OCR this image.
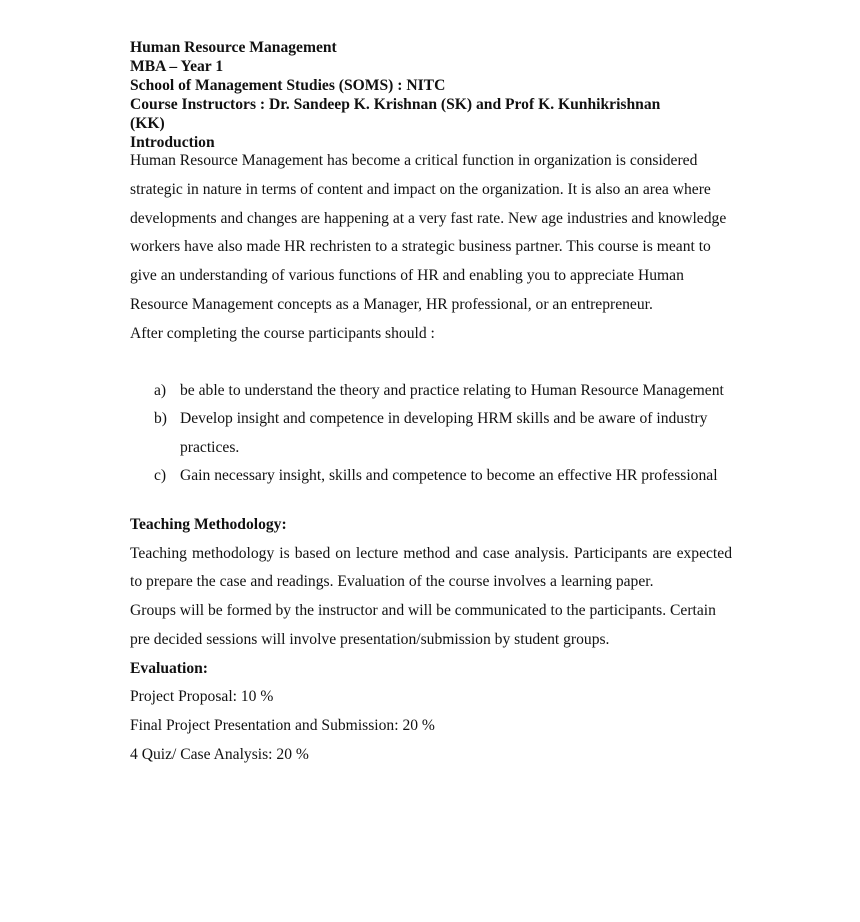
Human Resource Management

MBA – Year 1

School of Management Studies (SOMS) : NITC

Course Instructors : Dr. Sandeep K. Krishnan (SK) and Prof K. Kunhikrishnan

(KK)

Introduction

Human Resource Management has become a critical function in organization is considered strategic in nature in terms of content and impact on the organization. It is also an area where developments and changes are happening at a very fast rate. New age industries and knowledge workers have also made HR rechristen to a strategic business partner. This course is meant to give an understanding of various functions of HR and enabling you to appreciate Human Resource Management concepts as a Manager, HR professional, or an entrepreneur.

After completing the course participants should :

a) be able to understand the theory and practice relating to Human Resource Management
b) Develop insight and competence in developing HRM skills and be aware of industry practices.
c) Gain necessary insight, skills and competence to become an effective HR professional

Teaching Methodology:

Teaching methodology is based on lecture method and case analysis. Participants are expected to prepare the case and readings. Evaluation of the course involves a learning paper.

Groups will be formed by the instructor and will be communicated to the participants. Certain pre decided sessions will involve presentation/submission by student groups.

Evaluation:

Project Proposal: 10 %

Final Project Presentation and Submission: 20 %

4 Quiz/ Case Analysis: 20 %
